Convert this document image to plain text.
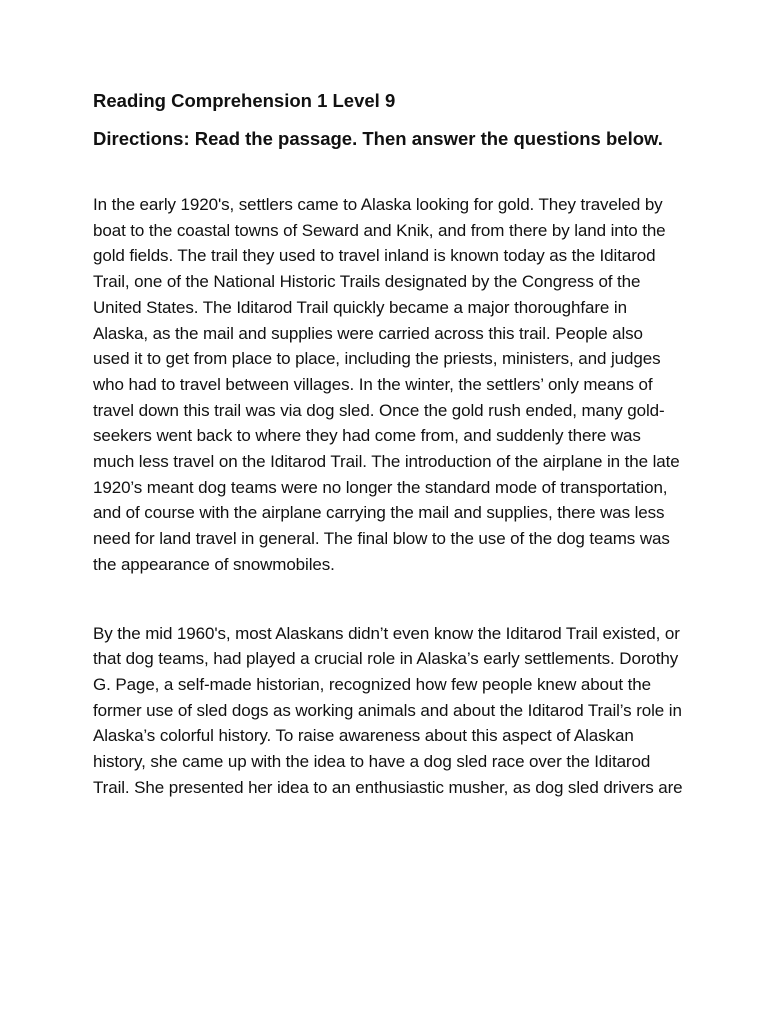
Reading Comprehension 1 Level 9
Directions: Read the passage. Then answer the questions below.

In the early 1920's, settlers came to Alaska looking for gold. They traveled by boat to the coastal towns of Seward and Knik, and from there by land into the gold fields. The trail they used to travel inland is known today as the Iditarod Trail, one of the National Historic Trails designated by the Congress of the United States. The Iditarod Trail quickly became a major thoroughfare in Alaska, as the mail and supplies were carried across this trail. People also used it to get from place to place, including the priests, ministers, and judges who had to travel between villages. In the winter, the settlers’ only means of travel down this trail was via dog sled. Once the gold rush ended, many gold-seekers went back to where they had come from, and suddenly there was much less travel on the Iditarod Trail. The introduction of the airplane in the late 1920’s meant dog teams were no longer the standard mode of transportation, and of course with the airplane carrying the mail and supplies, there was less need for land travel in general. The final blow to the use of the dog teams was the appearance of snowmobiles.

By the mid 1960's, most Alaskans didn’t even know the Iditarod Trail existed, or that dog teams, had played a crucial role in Alaska’s early settlements. Dorothy G. Page, a self-made historian, recognized how few people knew about the former use of sled dogs as working animals and about the Iditarod Trail’s role in Alaska’s colorful history. To raise awareness about this aspect of Alaskan history, she came up with the idea to have a dog sled race over the Iditarod Trail. She presented her idea to an enthusiastic musher, as dog sled drivers are
